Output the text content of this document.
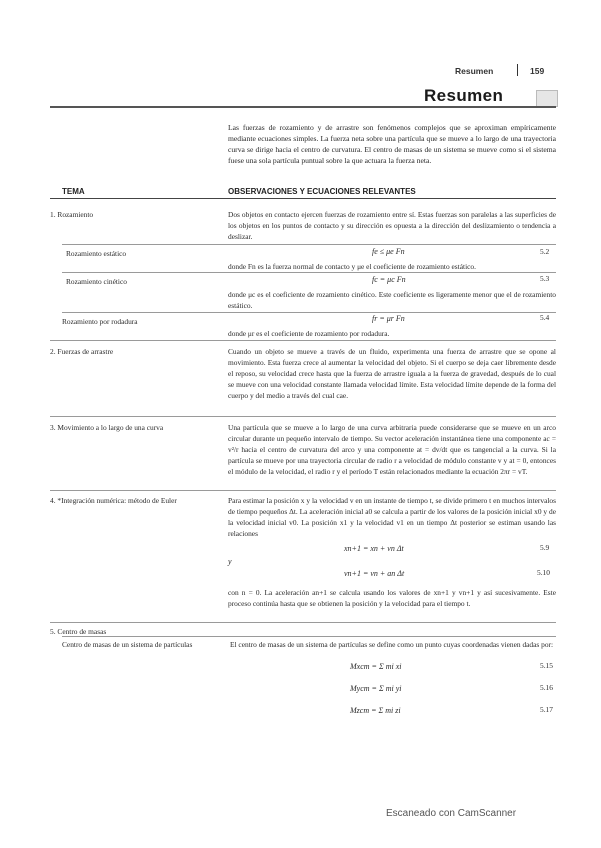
Resumen	159
Resumen
Las fuerzas de rozamiento y de arrastre son fenómenos complejos que se aproximan empíricamente mediante ecuaciones simples. La fuerza neta sobre una partícula que se mueve a lo largo de una trayectoria curva se dirige hacia el centro de curvatura. El centro de masas de un sistema se mueve como si el sistema fuese una sola partícula puntual sobre la que actuara la fuerza neta.
TEMA	OBSERVACIONES Y ECUACIONES RELEVANTES
1. Rozamiento	Dos objetos en contacto ejercen fuerzas de rozamiento entre sí. Estas fuerzas son paralelas a las superficies de los objetos en los puntos de contacto y su dirección es opuesta a la dirección del deslizamiento o tendencia a deslizar.
Rozamiento estático	fe ≤ μe Fn	5.2
donde Fn es la fuerza normal de contacto y μe el coeficiente de rozamiento estático.
Rozamiento cinético	fc = μc Fn	5.3
donde μc es el coeficiente de rozamiento cinético. Este coeficiente es ligeramente menor que el de rozamiento estático.
Rozamiento por rodadura	fr = μr Fn	5.4
donde μr es el coeficiente de rozamiento por rodadura.
2. Fuerzas de arrastre	Cuando un objeto se mueve a través de un fluido, experimenta una fuerza de arrastre que se opone al movimiento. Esta fuerza crece al aumentar la velocidad del objeto. Si el cuerpo se deja caer libremente desde el reposo, su velocidad crece hasta que la fuerza de arrastre iguala a la fuerza de gravedad, después de lo cual se mueve con una velocidad constante llamada velocidad límite. Esta velocidad límite depende de la forma del cuerpo y del medio a través del cual cae.
3. Movimiento a lo largo de una curva	Una partícula que se mueve a lo largo de una curva arbitraria puede considerarse que se mueve en un arco circular durante un pequeño intervalo de tiempo. Su vector aceleración instantánea tiene una componente ac = v²/r hacia el centro de curvatura del arco y una componente at = dv/dt que es tangencial a la curva. Si la partícula se mueve por una trayectoria circular de radio r a velocidad de módulo constante v y at = 0, entonces el módulo de la velocidad, el radio r y el período T están relacionados mediante la ecuación 2πr = vT.
4. *Integración numérica: método de Euler	Para estimar la posición x y la velocidad v en un instante de tiempo t, se divide primero t en muchos intervalos de tiempo pequeños Δt. La aceleración inicial a0 se calcula a partir de los valores de la posición inicial x0 y de la velocidad inicial v0. La posición x1 y la velocidad v1 en un tiempo Δt posterior se estiman usando las relaciones
xn+1 = xn + vn Δt	5.9
y
vn+1 = vn + an Δt	5.10
con n = 0. La aceleración an+1 se calcula usando los valores de xn+1 y vn+1 y así sucesivamente. Este proceso continúa hasta que se obtienen la posición y la velocidad para el tiempo t.
5. Centro de masas
Centro de masas de un sistema de partículas	El centro de masas de un sistema de partículas se define como un punto cuyas coordenadas vienen dadas por:
Mxcm = Σ mi xi	5.15
Mycm = Σ mi yi	5.16
Mzcm = Σ mi zi	5.17
Escaneado con CamScanner
